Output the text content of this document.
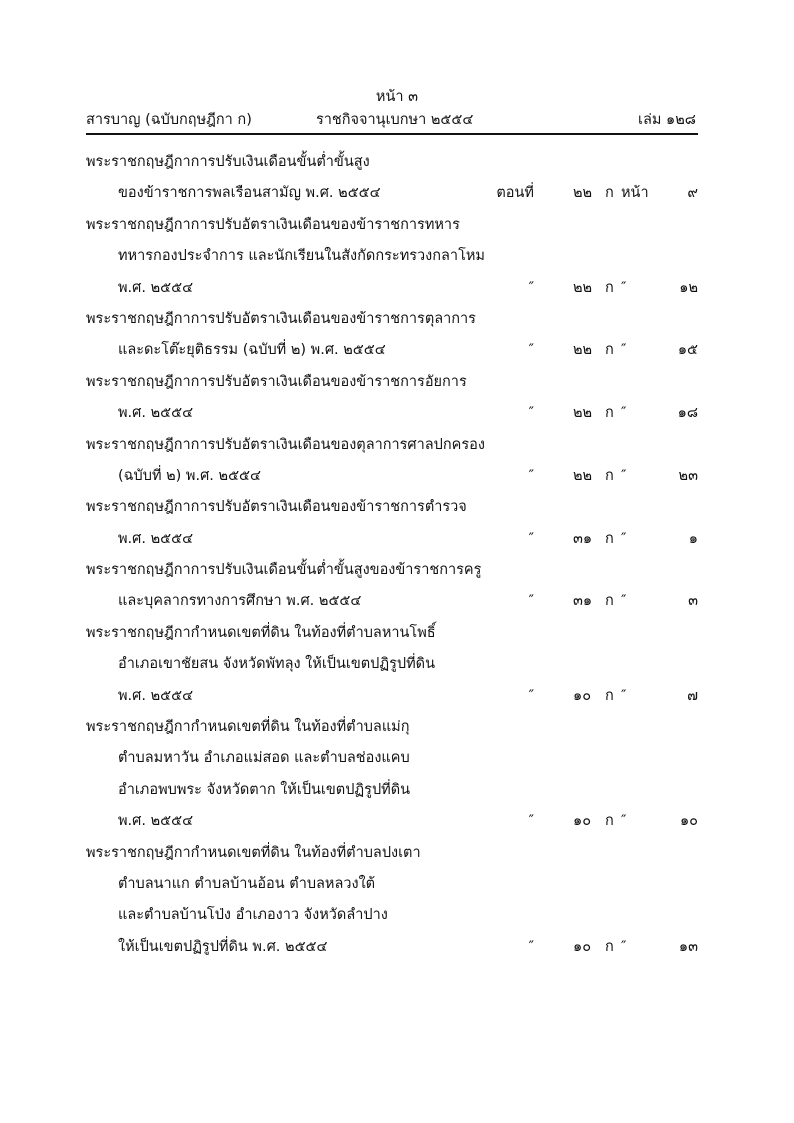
หน้า ๓
สารบาญ (ฉบับกฤษฎีกา ก)	ราชกิจจานุเบกษา ๒๕๕๔	เล่ม ๑๒๘
พระราชกฤษฎีกาการปรับเงินเดือนขั้นต่ำขั้นสูง
ของข้าราชการพลเรือนสามัญ พ.ศ. ๒๕๕๔	ตอนที่	๒๒ ก หน้า	๙
พระราชกฤษฎีกาการปรับอัตราเงินเดือนของข้าราชการทหาร
ทหารกองประจำการ และนักเรียนในสังกัดกระทรวงกลาโหม
พ.ศ. ๒๕๕๔	″	๒๒ ก ″	๑๒
พระราชกฤษฎีกาการปรับอัตราเงินเดือนของข้าราชการตุลาการ
และดะโต๊ะยุติธรรม (ฉบับที่ ๒) พ.ศ. ๒๕๕๔	″	๒๒ ก ″	๑๕
พระราชกฤษฎีกาการปรับอัตราเงินเดือนของข้าราชการอัยการ
พ.ศ. ๒๕๕๔	″	๒๒ ก ″	๑๘
พระราชกฤษฎีกาการปรับอัตราเงินเดือนของตุลาการศาลปกครอง
(ฉบับที่ ๒) พ.ศ. ๒๕๕๔	″	๒๒ ก ″	๒๓
พระราชกฤษฎีกาการปรับอัตราเงินเดือนของข้าราชการตำรวจ
พ.ศ. ๒๕๕๔	″	๓๑ ก ″	๑
พระราชกฤษฎีกาการปรับเงินเดือนขั้นต่ำขั้นสูงของข้าราชการครู
และบุคลากรทางการศึกษา พ.ศ. ๒๕๕๔	″	๓๑ ก ″	๓
พระราชกฤษฎีกากำหนดเขตที่ดิน ในท้องที่ตำบลหานโพธิ์
อำเภอเขาชัยสน จังหวัดพัทลุง ให้เป็นเขตปฏิรูปที่ดิน
พ.ศ. ๒๕๕๔	″	๑๐ ก ″	๗
พระราชกฤษฎีกากำหนดเขตที่ดิน ในท้องที่ตำบลแม่กุ
ตำบลมหาวัน อำเภอแม่สอด และตำบลช่องแคบ
อำเภอพบพระ จังหวัดตาก ให้เป็นเขตปฏิรูปที่ดิน
พ.ศ. ๒๕๕๔	″	๑๐ ก ″	๑๐
พระราชกฤษฎีกากำหนดเขตที่ดิน ในท้องที่ตำบลปงเตา
ตำบลนาแก ตำบลบ้านอ้อน ตำบลหลวงใต้
และตำบลบ้านโป่ง อำเภองาว จังหวัดลำปาง
ให้เป็นเขตปฏิรูปที่ดิน พ.ศ. ๒๕๕๔	″	๑๐ ก ″	๑๓
